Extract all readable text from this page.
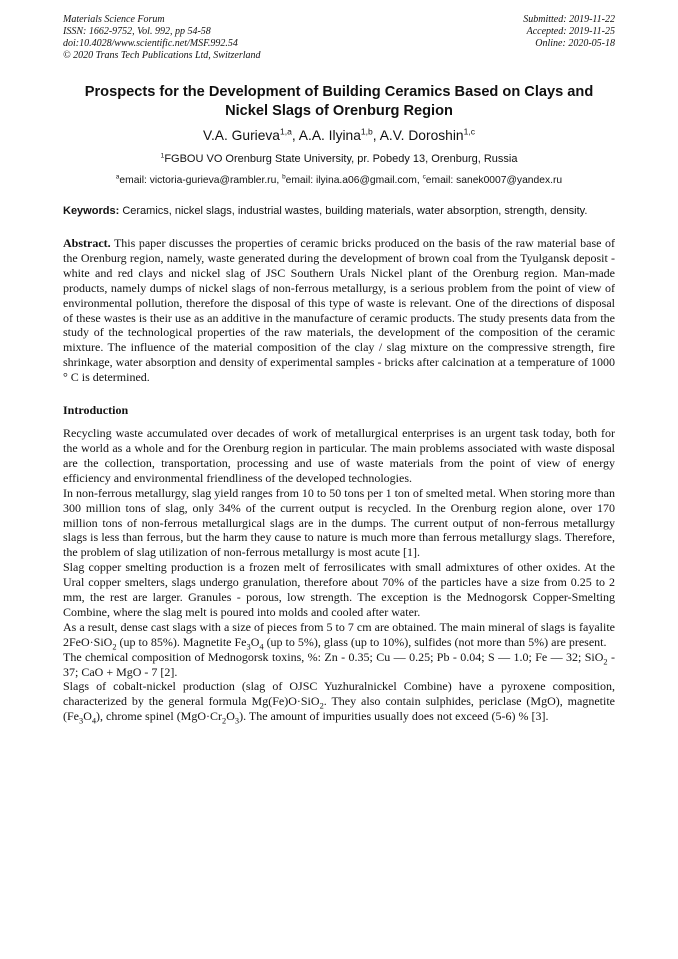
Materials Science Forum
ISSN: 1662-9752, Vol. 992, pp 54-58
doi:10.4028/www.scientific.net/MSF.992.54
© 2020 Trans Tech Publications Ltd, Switzerland
Submitted: 2019-11-22
Accepted: 2019-11-25
Online: 2020-05-18
Prospects for the Development of Building Ceramics Based on Clays and Nickel Slags of Orenburg Region
V.A. Gurieva$^{1,a}$, A.A. Ilyina$^{1,b}$, A.V. Doroshin$^{1,c}$
$^1$FGBOU VO Orenburg State University, pr. Pobedy 13, Orenburg, Russia
$^a$email: victoria-gurieva@rambler.ru, $^b$email: ilyina.a06@gmail.com, $^c$email: sanek0007@yandex.ru
Keywords: Ceramics, nickel slags, industrial wastes, building materials, water absorption, strength, density.
Abstract. This paper discusses the properties of ceramic bricks produced on the basis of the raw material base of the Orenburg region, namely, waste generated during the development of brown coal from the Tyulgansk deposit - white and red clays and nickel slag of JSC Southern Urals Nickel plant of the Orenburg region. Man-made products, namely dumps of nickel slags of non-ferrous metallurgy, is a serious problem from the point of view of environmental pollution, therefore the disposal of this type of waste is relevant. One of the directions of disposal of these wastes is their use as an additive in the manufacture of ceramic products. The study presents data from the study of the technological properties of the raw materials, the development of the composition of the ceramic mixture. The influence of the material composition of the clay / slag mixture on the compressive strength, fire shrinkage, water absorption and density of experimental samples - bricks after calcination at a temperature of 1000 ° C is determined.
Introduction

Recycling waste accumulated over decades of work of metallurgical enterprises is an urgent task today, both for the world as a whole and for the Orenburg region in particular. The main problems associated with waste disposal are the collection, transportation, processing and use of waste materials from the point of view of energy efficiency and environmental friendliness of the developed technologies.

In non-ferrous metallurgy, slag yield ranges from 10 to 50 tons per 1 ton of smelted metal. When storing more than 300 million tons of slag, only 34% of the current output is recycled. In the Orenburg region alone, over 170 million tons of non-ferrous metallurgical slags are in the dumps. The current output of non-ferrous metallurgy slags is less than ferrous, but the harm they cause to nature is much more than ferrous metallurgy slags. Therefore, the problem of slag utilization of non-ferrous metallurgy is most acute [1].

Slag copper smelting production is a frozen melt of ferrosilicates with small admixtures of other oxides. At the Ural copper smelters, slags undergo granulation, therefore about 70% of the particles have a size from 0.25 to 2 mm, the rest are larger. Granules - porous, low strength. The exception is the Mednogorsk Copper-Smelting Combine, where the slag melt is poured into molds and cooled after water.

As a result, dense cast slags with a size of pieces from 5 to 7 cm are obtained. The main mineral of slags is fayalite 2FeO·SiO$_2$ (up to 85%). Magnetite $Fe_3O_4$ (up to 5%), glass (up to 10%), sulfides (not more than 5%) are present.

The chemical composition of Mednogorsk toxins, %: Zn - 0.35; Cu — 0.25; Pb - 0.04; S — 1.0; Fe — 32; SiO$_2$ - 37; CaO + MgO - 7 [2].

Slags of cobalt-nickel production (slag of OJSC Yuzhuralnickel Combine) have a pyroxene composition, characterized by the general formula Mg(Fe)O·SiO$_2$. They also contain sulphides, periclase (MgO), magnetite $(Fe_3O_4)$, chrome spinel $(MgO\cdot Cr_2O_3)$. The amount of impurities usually does not exceed (5-6) % [3].
